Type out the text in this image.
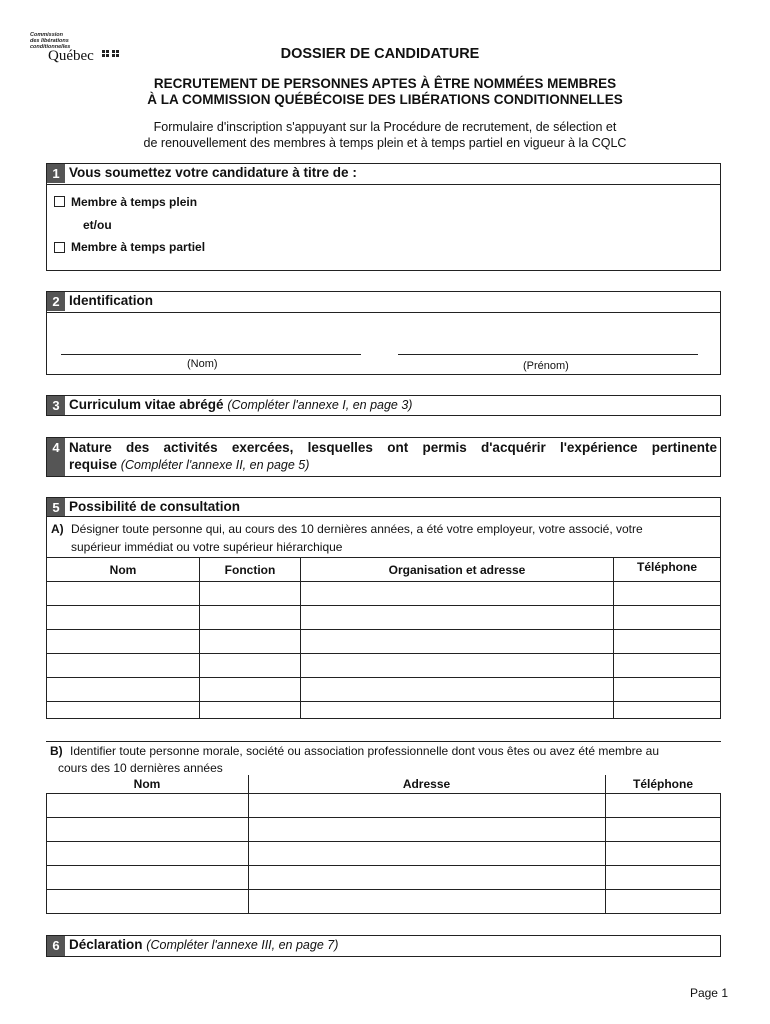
Commission
des libérations
conditionnelles
Québec	DOSSIER DE CANDIDATURE
RECRUTEMENT DE PERSONNES APTES À ÊTRE NOMMÉES MEMBRES
À LA COMMISSION QUÉBÉCOISE DES LIBÉRATIONS CONDITIONNELLES
Formulaire d'inscription s'appuyant sur la Procédure de recrutement, de sélection et
de renouvellement des membres à temps plein et à temps partiel en vigueur à la CQLC
1 Vous soumettez votre candidature à titre de :
Membre à temps plein
et/ou
Membre à temps partiel
2 Identification
(Nom)	(Prénom)
3 Curriculum vitae abrégé (Compléter l'annexe I, en page 3)
4 Nature des activités exercées, lesquelles ont permis d'acquérir l'expérience pertinente
requise (Compléter l'annexe II, en page 5)
5 Possibilité de consultation
A) Désigner toute personne qui, au cours des 10 dernières années, a été votre employeur, votre associé, votre
supérieur immédiat ou votre supérieur hiérarchique
Nom	Fonction	Organisation et adresse	Téléphone

B) Identifier toute personne morale, société ou association professionnelle dont vous êtes ou avez été membre au
cours des 10 dernières années
Nom	Adresse	Téléphone

6 Déclaration (Compléter l'annexe III, en page 7)
Page 1
